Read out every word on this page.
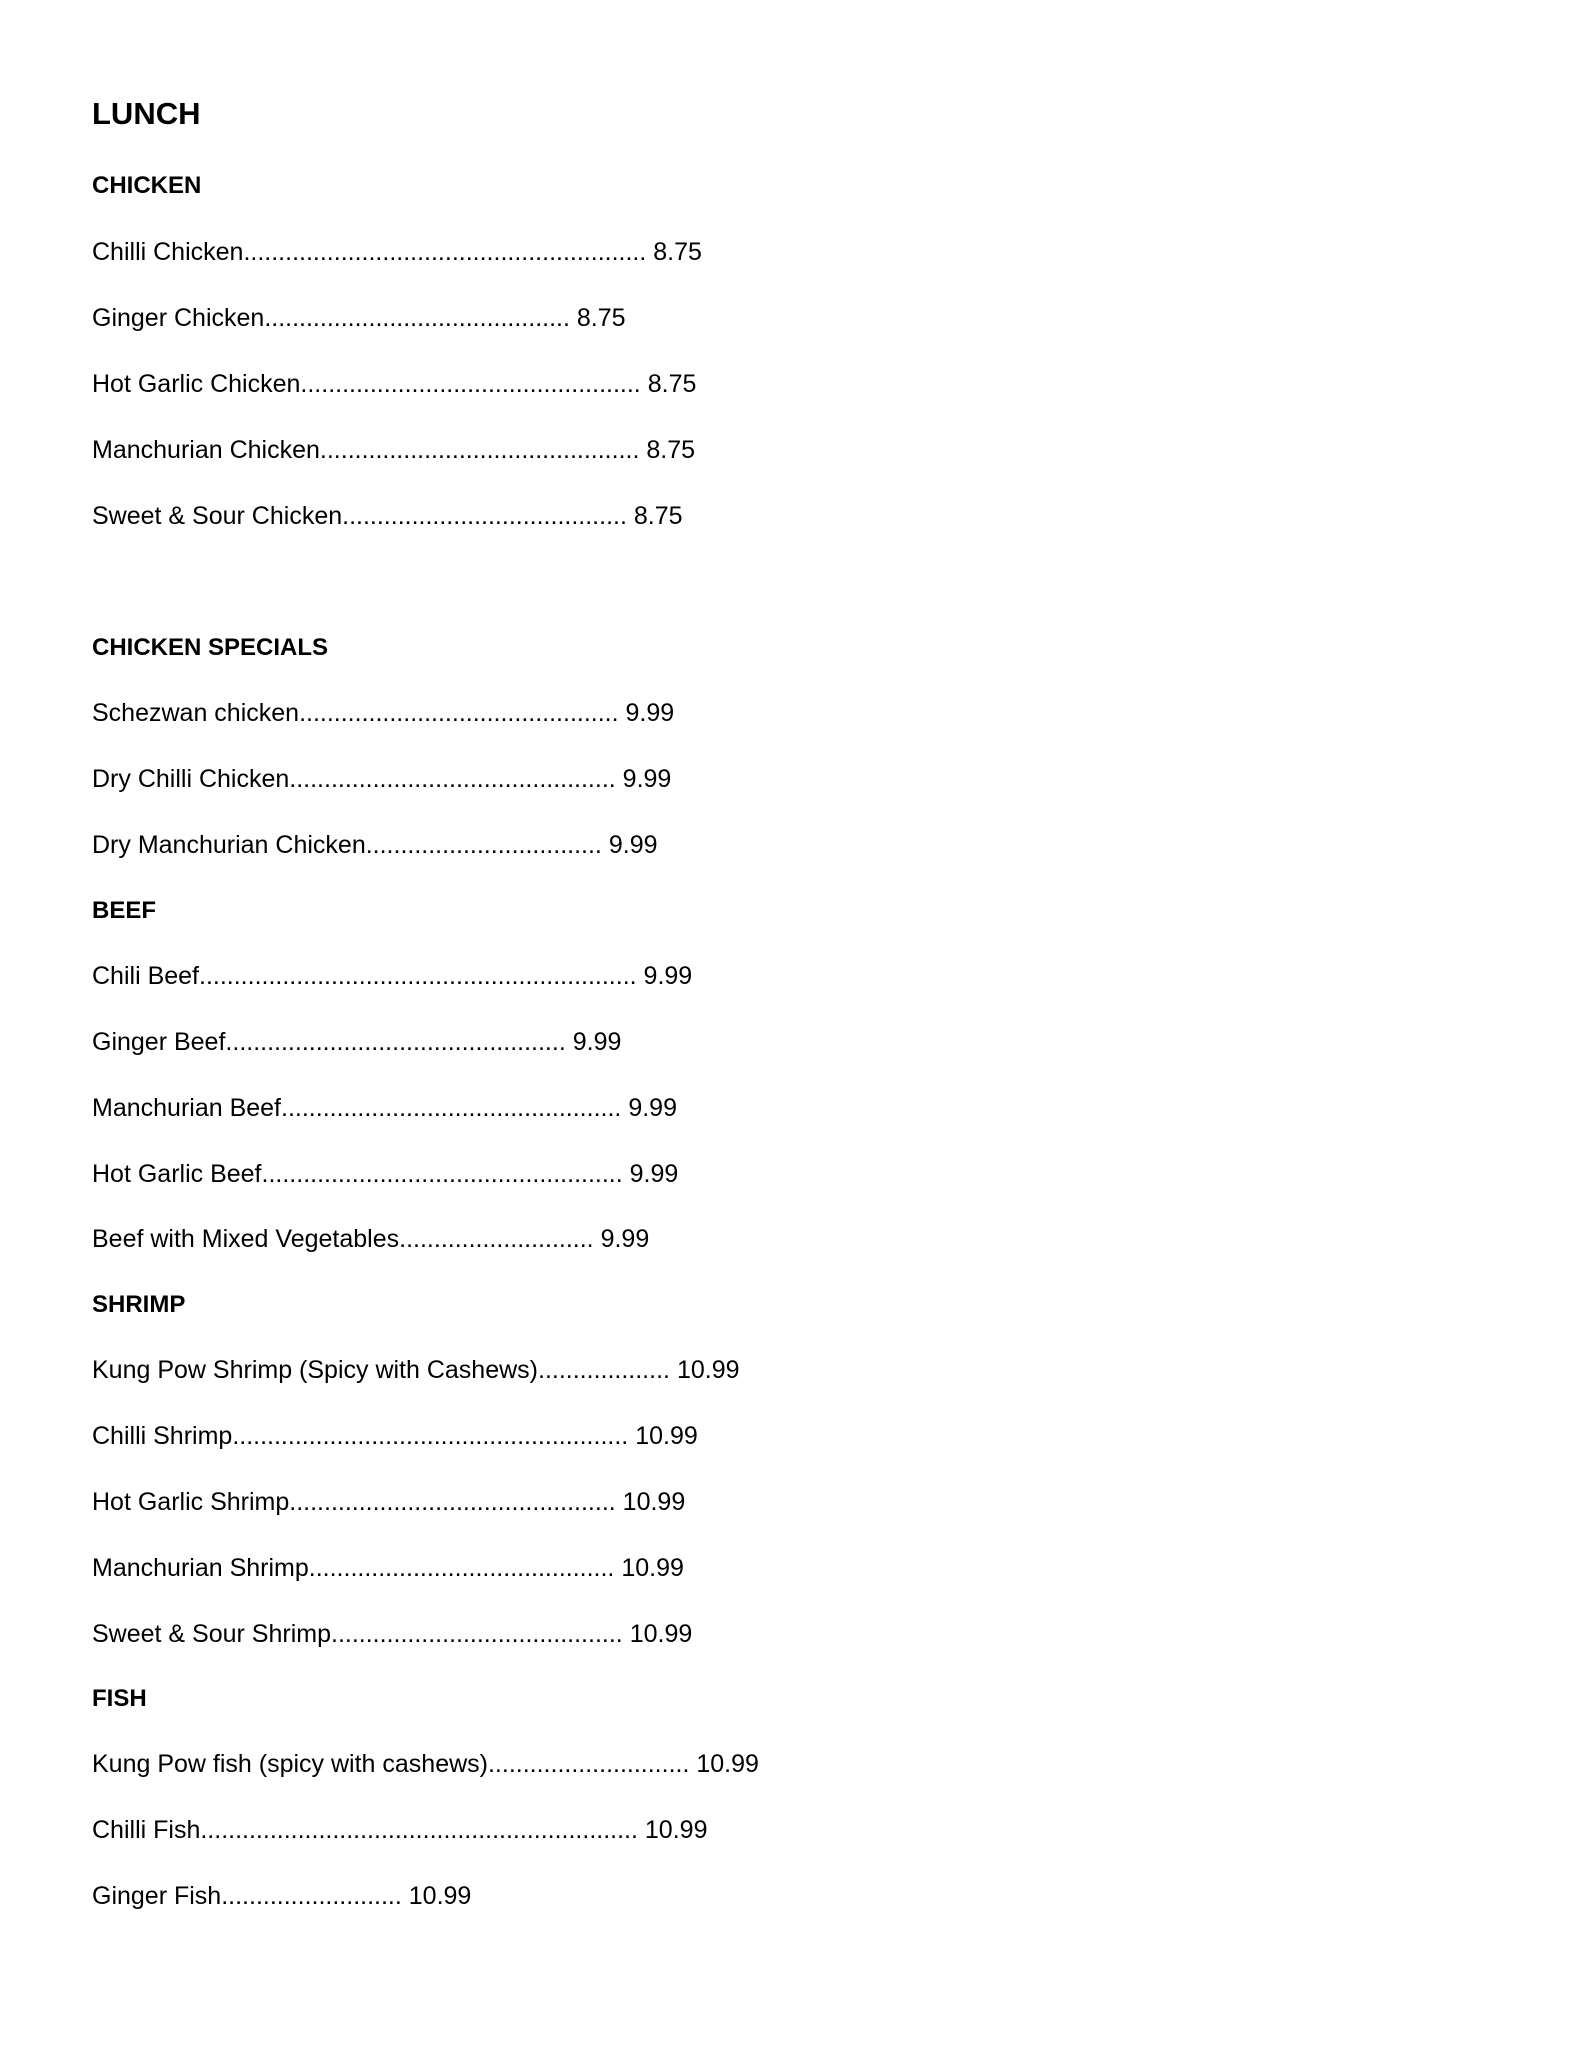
LUNCH
CHICKEN
Chilli Chicken.......................................................... 8.75
Ginger Chicken............................................ 8.75
Hot Garlic Chicken................................................. 8.75
Manchurian Chicken.............................................. 8.75
Sweet & Sour Chicken......................................... 8.75
CHICKEN SPECIALS
Schezwan chicken.............................................. 9.99
Dry Chilli Chicken............................................... 9.99
Dry Manchurian Chicken.................................. 9.99
BEEF
Chili Beef............................................................... 9.99
Ginger Beef................................................. 9.99
Manchurian Beef................................................. 9.99
Hot Garlic Beef.................................................... 9.99
Beef with Mixed Vegetables............................ 9.99
SHRIMP
Kung Pow Shrimp (Spicy with Cashews)................... 10.99
Chilli Shrimp......................................................... 10.99
Hot Garlic Shrimp............................................... 10.99
Manchurian Shrimp............................................ 10.99
Sweet & Sour Shrimp.......................................... 10.99
FISH
Kung Pow fish (spicy with cashews)............................. 10.99
Chilli Fish............................................................... 10.99
Ginger Fish.......................... 10.99
